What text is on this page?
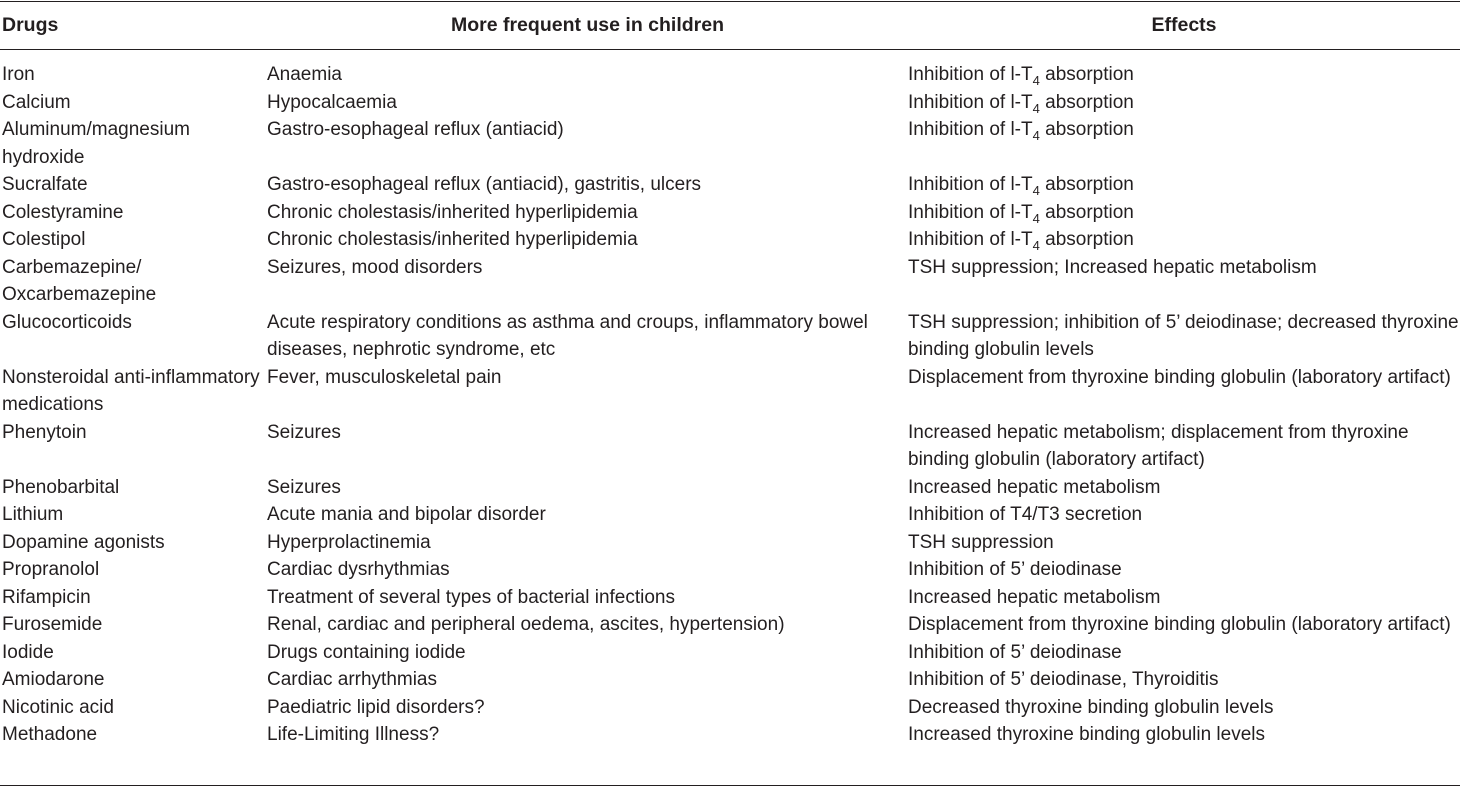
Drugs	More frequent use in children	Effects
Iron	Anaemia	Inhibition of $l-T_4$ absorption
Calcium	Hypocalcaemia	Inhibition of $l-T_4$ absorption
Aluminum/magnesium hydroxide	Gastro-esophageal reflux (antiacid)	Inhibition of $l-T_4$ absorption
Sucralfate	Gastro-esophageal reflux (antiacid), gastritis, ulcers	Inhibition of $l-T_4$ absorption
Colestyramine	Chronic cholestasis/inherited hyperlipidemia	Inhibition of $l-T_4$ absorption
Colestipol	Chronic cholestasis/inherited hyperlipidemia	Inhibition of $l-T_4$ absorption
Carbemazepine/ Oxcarbemazepine	Seizures, mood disorders	TSH suppression; Increased hepatic metabolism
Glucocorticoids	Acute respiratory conditions as asthma and croups, inflammatory bowel diseases, nephrotic syndrome, etc	TSH suppression; inhibition of 5’ deiodinase; decreased thyroxine binding globulin levels
Nonsteroidal anti-inflammatory medications	Fever, musculoskeletal pain	Displacement from thyroxine binding globulin (laboratory artifact)
Phenytoin	Seizures	Increased hepatic metabolism; displacement from thyroxine binding globulin (laboratory artifact)
Phenobarbital	Seizures	Increased hepatic metabolism
Lithium	Acute mania and bipolar disorder	Inhibition of T4/T3 secretion
Dopamine agonists	Hyperprolactinemia	TSH suppression
Propranolol	Cardiac dysrhythmias	Inhibition of 5’ deiodinase
Rifampicin	Treatment of several types of bacterial infections	Increased hepatic metabolism
Furosemide	Renal, cardiac and peripheral oedema, ascites, hypertension)	Displacement from thyroxine binding globulin (laboratory artifact)
Iodide	Drugs containing iodide	Inhibition of 5’ deiodinase
Amiodarone	Cardiac arrhythmias	Inhibition of 5’ deiodinase, Thyroiditis
Nicotinic acid	Paediatric lipid disorders?	Decreased thyroxine binding globulin levels
Methadone	Life-Limiting Illness?	Increased thyroxine binding globulin levels
